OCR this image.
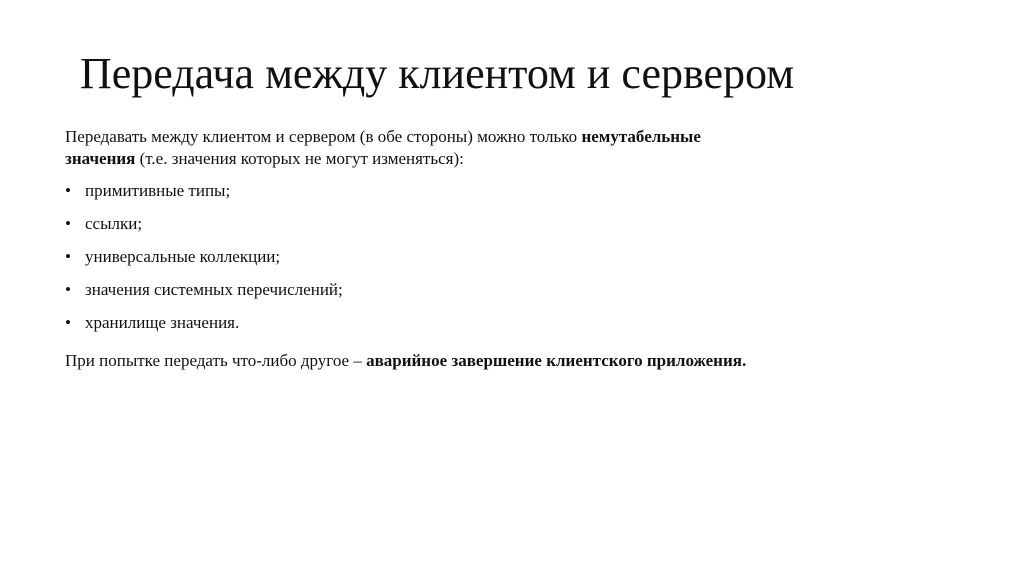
Передача между клиентом и сервером

Передавать между клиентом и сервером (в обе стороны) можно только немутабельные
значения (т.е. значения которых не могут изменяться):

• примитивные типы;
• ссылки;
• универсальные коллекции;
• значения системных перечислений;
• хранилище значения.

При попытке передать что-либо другое – аварийное завершение клиентского приложения.
